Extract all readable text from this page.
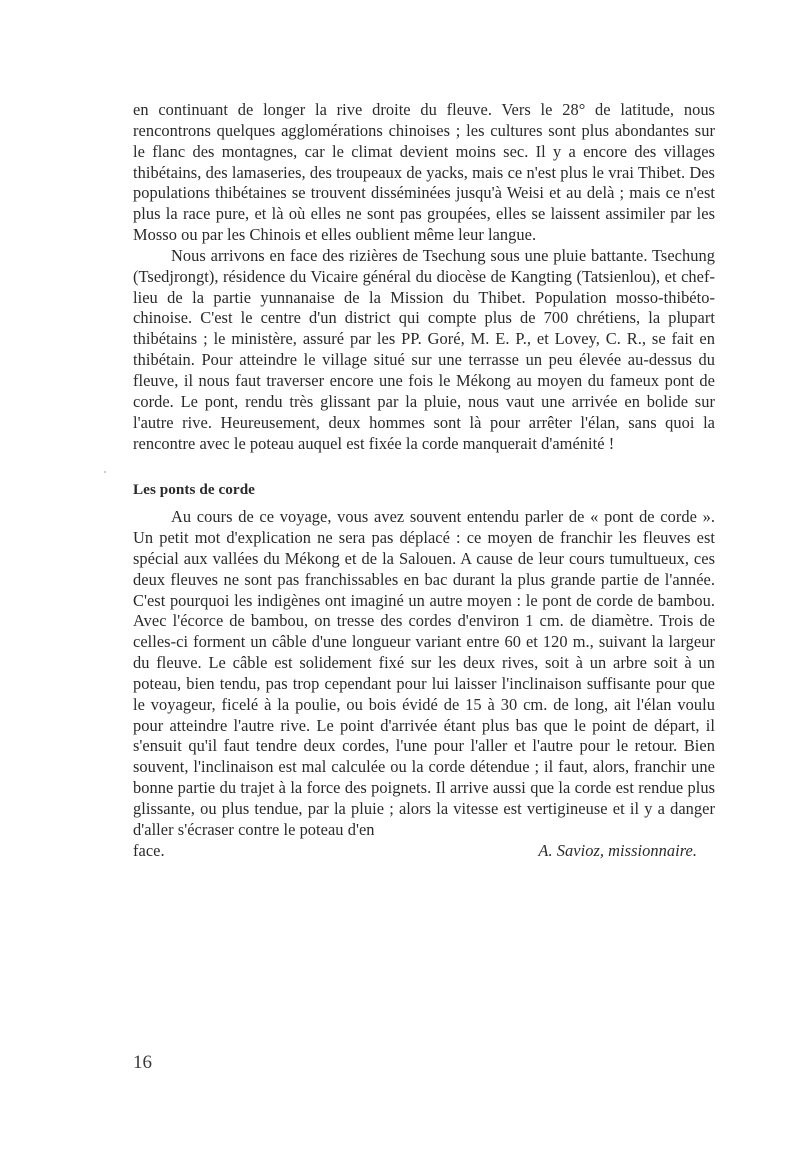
en continuant de longer la rive droite du fleuve. Vers le 28° de latitude, nous rencontrons quelques agglomérations chinoises ; les cultures sont plus abondantes sur le flanc des montagnes, car le climat devient moins sec. Il y a encore des villages thibétains, des lamaseries, des troupeaux de yacks, mais ce n'est plus le vrai Thibet. Des populations thibétaines se trouvent disséminées jusqu'à Weisi et au delà ; mais ce n'est plus la race pure, et là où elles ne sont pas groupées, elles se laissent assimiler par les Mosso ou par les Chinois et elles oublient même leur langue.

Nous arrivons en face des rizières de Tsechung sous une pluie battante. Tsechung (Tsedjrongt), résidence du Vicaire général du diocèse de Kangting (Tatsienlou), et chef-lieu de la partie yunnanaise de la Mission du Thibet. Population mosso-thibéto-chinoise. C'est le centre d'un district qui compte plus de 700 chrétiens, la plupart thibétains ; le ministère, assuré par les PP. Goré, M. E. P., et Lovey, C. R., se fait en thibétain. Pour atteindre le village situé sur une terrasse un peu élevée au-dessus du fleuve, il nous faut traverser encore une fois le Mékong au moyen du fameux pont de corde. Le pont, rendu très glissant par la pluie, nous vaut une arrivée en bolide sur l'autre rive. Heureusement, deux hommes sont là pour arrêter l'élan, sans quoi la rencontre avec le poteau auquel est fixée la corde manquerait d'aménité !

Les ponts de corde

Au cours de ce voyage, vous avez souvent entendu parler de « pont de corde ». Un petit mot d'explication ne sera pas déplacé : ce moyen de franchir les fleuves est spécial aux vallées du Mékong et de la Salouen. A cause de leur cours tumultueux, ces deux fleuves ne sont pas franchissables en bac durant la plus grande partie de l'année. C'est pourquoi les indigènes ont imaginé un autre moyen : le pont de corde de bambou. Avec l'écorce de bambou, on tresse des cordes d'environ 1 cm. de diamètre. Trois de celles-ci forment un câble d'une longueur variant entre 60 et 120 m., suivant la largeur du fleuve. Le câble est solidement fixé sur les deux rives, soit à un arbre soit à un poteau, bien tendu, pas trop cependant pour lui laisser l'inclinaison suffisante pour que le voyageur, ficelé à la poulie, ou bois évidé de 15 à 30 cm. de long, ait l'élan voulu pour atteindre l'autre rive. Le point d'arrivée étant plus bas que le point de départ, il s'ensuit qu'il faut tendre deux cordes, l'une pour l'aller et l'autre pour le retour. Bien souvent, l'inclinaison est mal calculée ou la corde détendue ; il faut, alors, franchir une bonne partie du trajet à la force des poignets. Il arrive aussi que la corde est rendue plus glissante, ou plus tendue, par la pluie ; alors la vitesse est vertigineuse et il y a danger d'aller s'écraser contre le poteau d'en

face.	A. Savioz, missionnaire.
16
